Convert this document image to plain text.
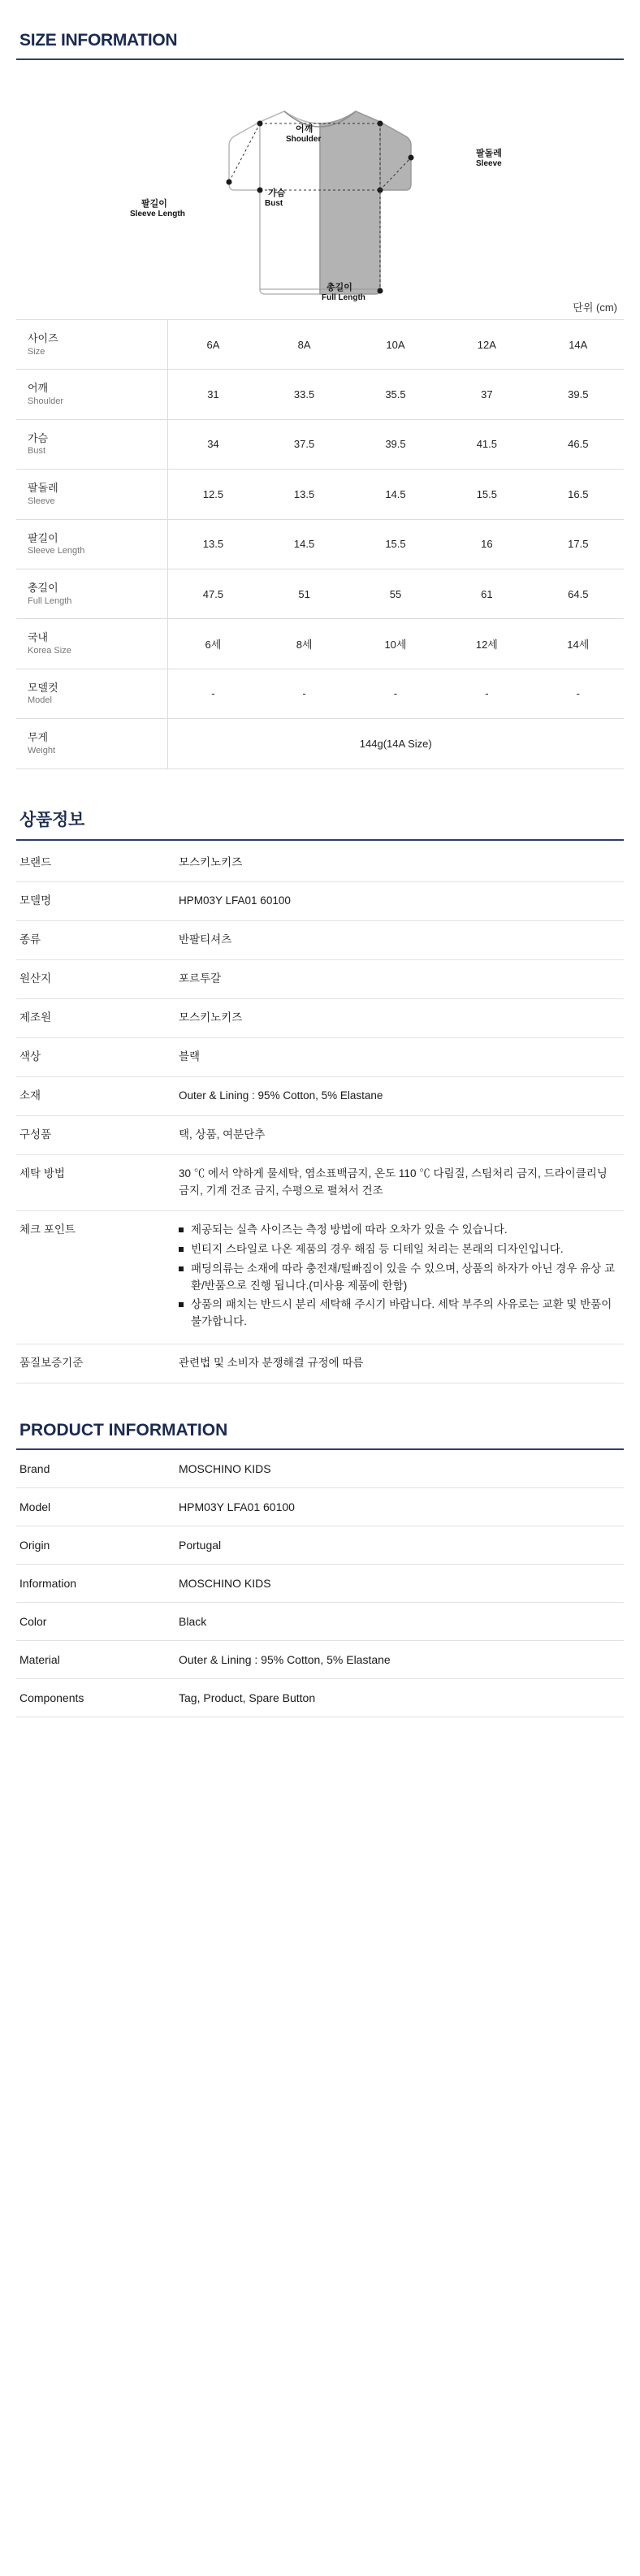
SIZE INFORMATION
어깨
Shoulder
팔돌레
Sleeve
가슴
Bust
팔길이
Sleeve Length
총길이
Full Length
단위 (cm)
사이즈
Size	6A	8A	10A	12A	14A

어깨
Shoulder	31	33.5	35.5	37	39.5

가슴
Bust	34	37.5	39.5	41.5	46.5

팔돌레
Sleeve	12.5	13.5	14.5	15.5	16.5

팔길이
Sleeve Length	13.5	14.5	15.5	16	17.5

총길이
Full Length	47.5	51	55	61	64.5

국내
Korea Size	6세	8세	10세	12세	14세

모델컷
Model	-	-	-	-	-

무게
Weight	144g(14A Size)				
상품정보
브랜드	모스키노키즈
모델명	HPM03Y LFA01 60100
종류	반팔티셔츠
원산지	포르투갈
제조원	모스키노키즈
색상	블랙
소재	Outer & Lining : 95% Cotton, 5% Elastane
구성품	택, 상품, 여분단추
세탁 방법	30 ℃ 에서 약하게 물세탁, 염소표백금지, 온도 110 ℃ 다림질, 스팀처리 금지, 드라이클리닝 금지, 기계 건조 금지, 수평으로 펼쳐서 건조
체크 포인트	제공되는 실측 사이즈는 측정 방법에 따라 오차가 있을 수 있습니다.
빈티지 스타일로 나온 제품의 경우 해짐 등 디테일 처리는 본래의 디자인입니다.
패딩의류는 소재에 따라 충전재/털빠짐이 있을 수 있으며, 상품의 하자가 아닌 경우 유상 교환/반품으로 진행 됩니다.(미사용 제품에 한함)
상품의 패치는 반드시 분리 세탁해 주시기 바랍니다. 세탁 부주의 사유로는 교환 및 반품이 불가합니다.

품질보증기준	관련법 및 소비자 분쟁해결 규정에 따름
PRODUCT INFORMATION
Brand	MOSCHINO KIDS
Model	HPM03Y LFA01 60100
Origin	Portugal
Information	MOSCHINO KIDS
Color	Black
Material	Outer & Lining : 95% Cotton, 5% Elastane
Components	Tag, Product, Spare Button
